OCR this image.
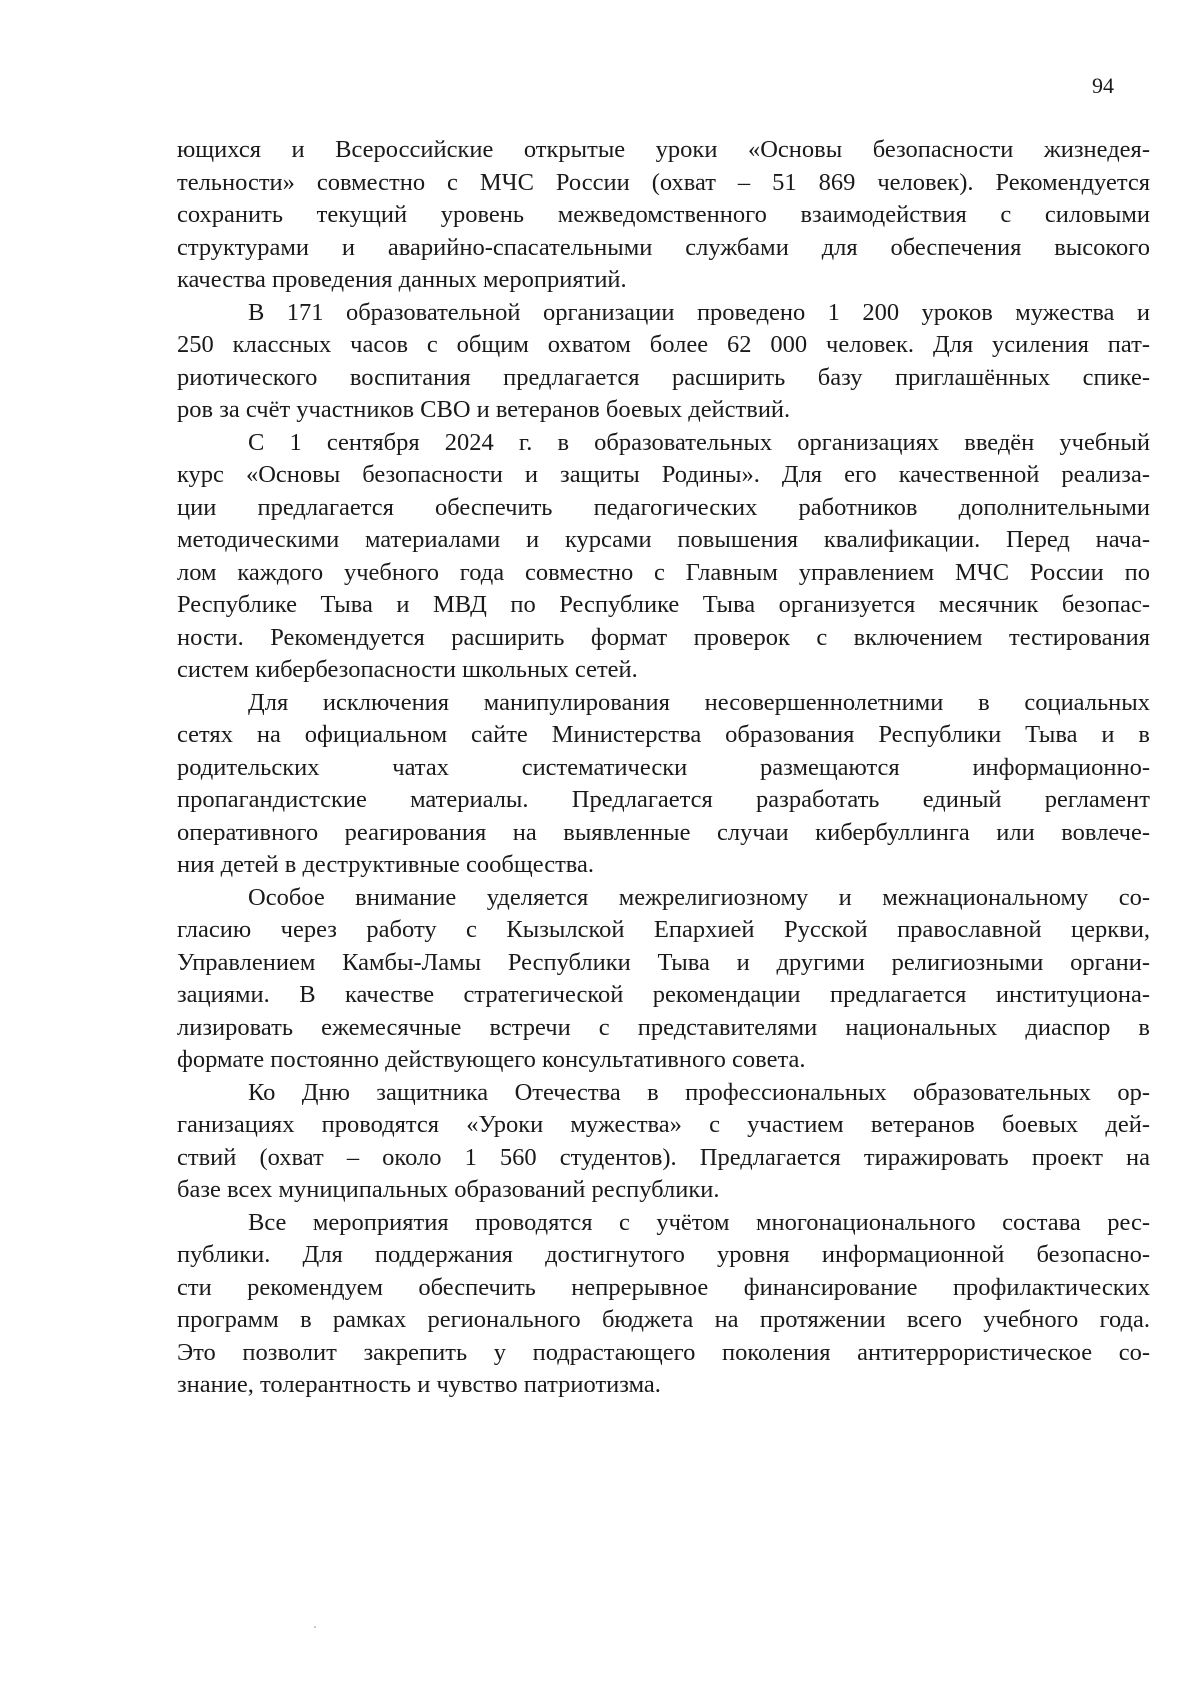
94
ющихся и Всероссийские открытые уроки «Основы безопасности жизнедея-
тельности» совместно с МЧС России (охват – 51 869 человек). Рекомендуется
сохранить текущий уровень межведомственного взаимодействия с силовыми
структурами и аварийно-спасательными службами для обеспечения высокого
качества проведения данных мероприятий.
В 171 образовательной организации проведено 1 200 уроков мужества и
250 классных часов с общим охватом более 62 000 человек. Для усиления пат-
риотического воспитания предлагается расширить базу приглашённых спике-
ров за счёт участников СВО и ветеранов боевых действий.
С 1 сентября 2024 г. в образовательных организациях введён учебный
курс «Основы безопасности и защиты Родины». Для его качественной реализа-
ции предлагается обеспечить педагогических работников дополнительными
методическими материалами и курсами повышения квалификации. Перед нача-
лом каждого учебного года совместно с Главным управлением МЧС России по
Республике Тыва и МВД по Республике Тыва организуется месячник безопас-
ности. Рекомендуется расширить формат проверок с включением тестирования
систем кибербезопасности школьных сетей.
Для исключения манипулирования несовершеннолетними в социальных
сетях на официальном сайте Министерства образования Республики Тыва и в
родительских чатах систематически размещаются информационно-
пропагандистские материалы. Предлагается разработать единый регламент
оперативного реагирования на выявленные случаи кибербуллинга или вовлече-
ния детей в деструктивные сообщества.
Особое внимание уделяется межрелигиозному и межнациональному со-
гласию через работу с Кызылской Епархией Русской православной церкви,
Управлением Камбы-Ламы Республики Тыва и другими религиозными органи-
зациями. В качестве стратегической рекомендации предлагается институциона-
лизировать ежемесячные встречи с представителями национальных диаспор в
формате постоянно действующего консультативного совета.
Ко Дню защитника Отечества в профессиональных образовательных ор-
ганизациях проводятся «Уроки мужества» с участием ветеранов боевых дей-
ствий (охват – около 1 560 студентов). Предлагается тиражировать проект на
базе всех муниципальных образований республики.
Все мероприятия проводятся с учётом многонационального состава рес-
публики. Для поддержания достигнутого уровня информационной безопасно-
сти рекомендуем обеспечить непрерывное финансирование профилактических
программ в рамках регионального бюджета на протяжении всего учебного года.
Это позволит закрепить у подрастающего поколения антитеррористическое со-
знание, толерантность и чувство патриотизма.
